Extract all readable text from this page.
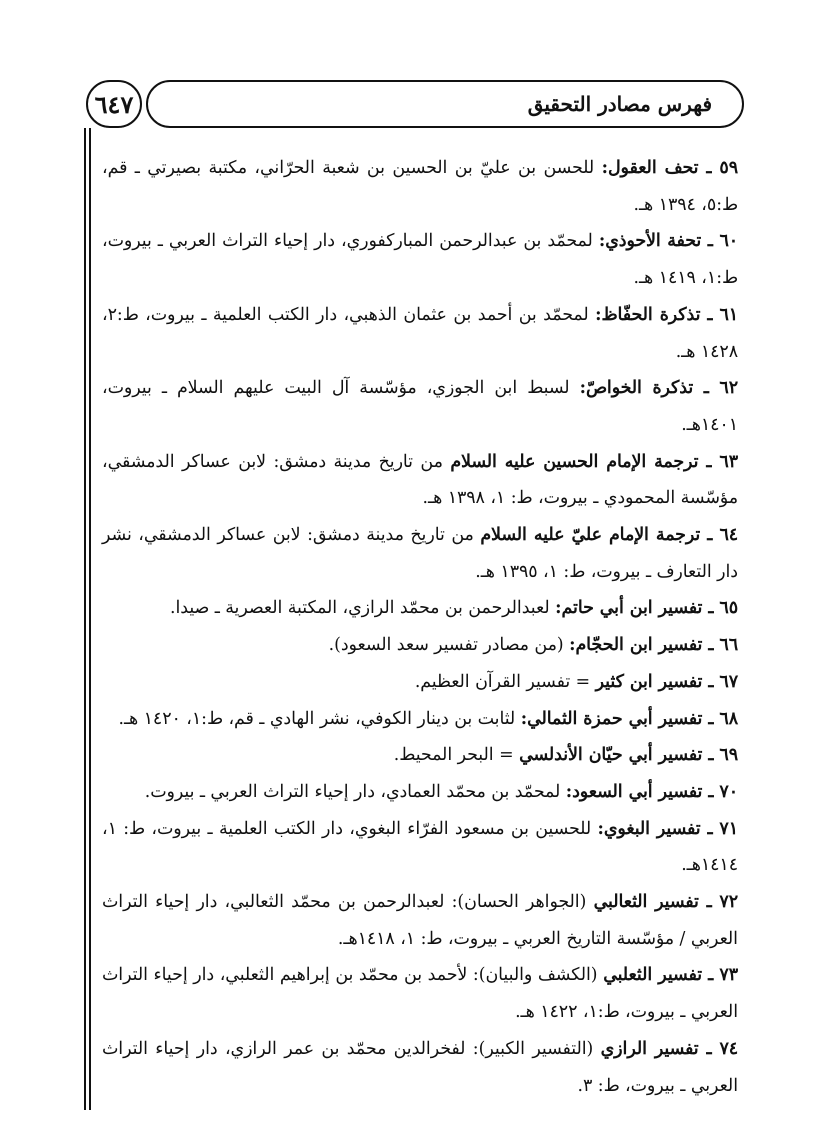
٦٤٧	فهرس مصادر التحقيق

٥٩ ـ تحف العقول: للحسن بن عليّ بن الحسين بن شعبة الحرّاني، مكتبة بصيرتي ـ قم، ط:٥، ١٣٩٤ هـ.

٦٠ ـ تحفة الأحوذي: لمحمّد بن عبدالرحمن المباركفوري، دار إحياء التراث العربي ـ بيروت، ط:١، ١٤١٩ هـ.

٦١ ـ تذكرة الحفّاظ: لمحمّد بن أحمد بن عثمان الذهبي، دار الكتب العلمية ـ بيروت، ط:٢، ١٤٢٨ هـ.

٦٢ ـ تذكرة الخواصّ: لسبط ابن الجوزي، مؤسّسة آل البيت عليهم السلام ـ بيروت، ١٤٠١هـ.

٦٣ ـ ترجمة الإمام الحسين عليه السلام من تاريخ مدينة دمشق: لابن عساكر الدمشقي، مؤسّسة المحمودي ـ بيروت، ط: ١، ١٣٩٨ هـ.

٦٤ ـ ترجمة الإمام عليّ عليه السلام من تاريخ مدينة دمشق: لابن عساكر الدمشقي، نشر دار التعارف ـ بيروت، ط: ١، ١٣٩٥ هـ.

٦٥ ـ تفسير ابن أبي حاتم: لعبدالرحمن بن محمّد الرازي، المكتبة العصرية ـ صيدا.

٦٦ ـ تفسير ابن الحجّام: (من مصادر تفسير سعد السعود).

٦٧ ـ تفسير ابن كثير = تفسير القرآن العظيم.

٦٨ ـ تفسير أبي حمزة الثمالي: لثابت بن دينار الكوفي، نشر الهادي ـ قم، ط:١، ١٤٢٠ هـ.

٦٩ ـ تفسير أبي حيّان الأندلسي = البحر المحيط.

٧٠ ـ تفسير أبي السعود: لمحمّد بن محمّد العمادي، دار إحياء التراث العربي ـ بيروت.

٧١ ـ تفسير البغوي: للحسين بن مسعود الفرّاء البغوي، دار الكتب العلمية ـ بيروت، ط: ١، ١٤١٤هـ.

٧٢ ـ تفسير الثعالبي (الجواهر الحسان): لعبدالرحمن بن محمّد الثعالبي، دار إحياء التراث العربي / مؤسّسة التاريخ العربي ـ بيروت، ط: ١، ١٤١٨هـ.

٧٣ ـ تفسير الثعلبي (الكشف والبيان): لأحمد بن محمّد بن إبراهيم الثعلبي، دار إحياء التراث العربي ـ بيروت، ط:١، ١٤٢٢ هـ.

٧٤ ـ تفسير الرازي (التفسير الكبير): لفخرالدين محمّد بن عمر الرازي، دار إحياء التراث العربي ـ بيروت، ط: ٣.
